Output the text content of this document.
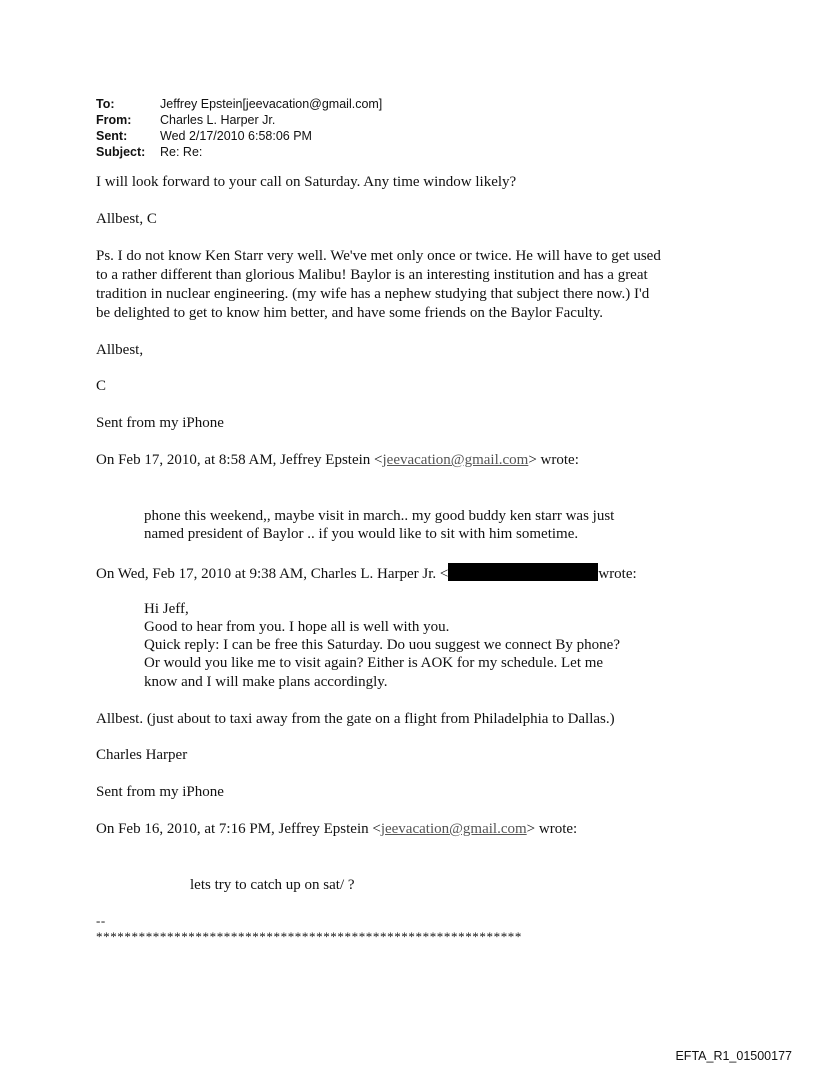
To:	Jeffrey Epstein[jeevacation@gmail.com]
From:	Charles L. Harper Jr.
Sent:	Wed 2/17/2010 6:58:06 PM
Subject:	Re: Re:

I will look forward to your call on Saturday. Any time window likely?

Allbest, C

Ps. I do not know Ken Starr very well. We've met only once or twice. He will have to get used

to a rather different than glorious Malibu! Baylor is an interesting institution and has a great

tradition in nuclear engineering. (my wife has a nephew studying that subject there now.) I'd

be delighted to get to know him better, and have some friends on the Baylor Faculty.

Allbest,

C

Sent from my iPhone

On Feb 17, 2010, at 8:58 AM, Jeffrey Epstein <jeevacation@gmail.com> wrote:

phone this weekend,, maybe visit in march.. my good buddy ken starr was just

named president of Baylor .. if you would like to sit with him sometime.

On Wed, Feb 17, 2010 at 9:38 AM, Charles L. Harper Jr. <	wrote:

Hi Jeff,

Good to hear from you. I hope all is well with you.

Quick reply: I can be free this Saturday. Do uou suggest we connect By phone?

Or would you like me to visit again? Either is AOK for my schedule. Let me

know and I will make plans accordingly.

Allbest. (just about to taxi away from the gate on a flight from Philadelphia to Dallas.)

Charles Harper

Sent from my iPhone

On Feb 16, 2010, at 7:16 PM, Jeffrey Epstein <jeevacation@gmail.com> wrote:

lets try to catch up on sat/ ?

--

************************************************************

EFTA_R1_01500177
